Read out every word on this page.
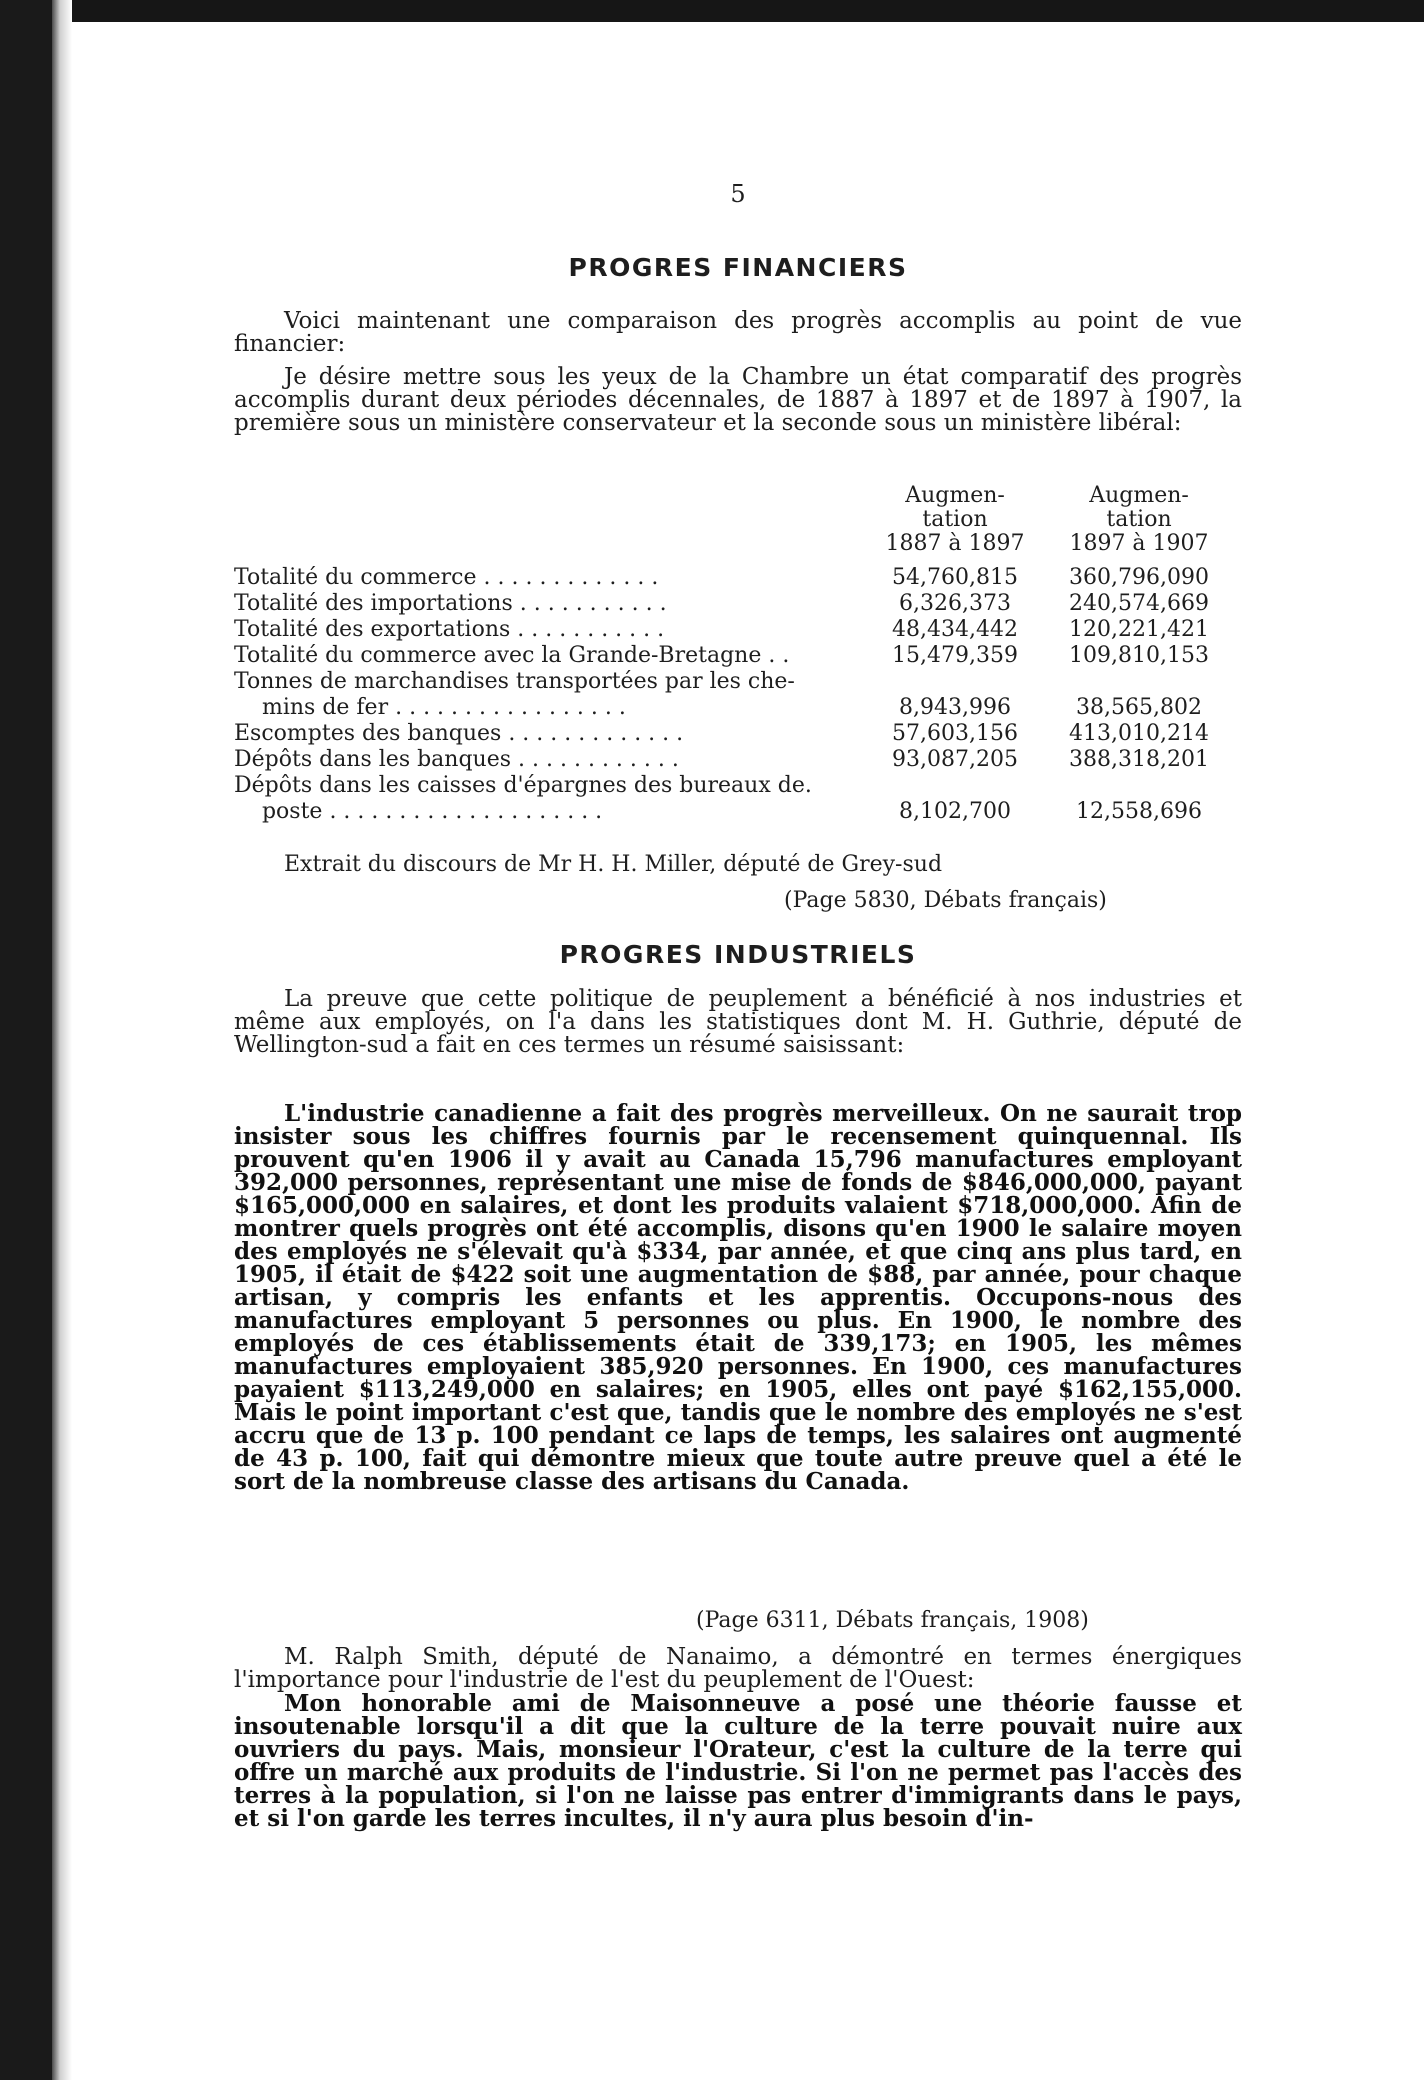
5
PROGRES FINANCIERS

Voici maintenant une comparaison des progrès accomplis au point de vue financier:

Je désire mettre sous les yeux de la Chambre un état comparatif des progrès accomplis durant deux périodes décennales, de 1887 à 1897 et de 1897 à 1907, la première sous un ministère conservateur et la seconde sous un ministère libéral:

Augmen-
tation
1887 à 1897
Augmen-
tation
1897 à 1907
Totalité du commerce . . . . . . . . . . . . .	54,760,815	360,796,090
Totalité des importations . . . . . . . . . . .	6,326,373	240,574,669
Totalité des exportations . . . . . . . . . . .	48,434,442	120,221,421
Totalité du commerce avec la Grande-Bretagne . .	15,479,359	109,810,153
Tonnes de marchandises transportées par les che-
mins de fer . . . . . . . . . . . . . . . . .	8,943,996	38,565,802
Escomptes des banques . . . . . . . . . . . . .	57,603,156	413,010,214
Dépôts dans les banques . . . . . . . . . . . .	93,087,205	388,318,201
Dépôts dans les caisses d'épargnes des bureaux de.
poste . . . . . . . . . . . . . . . . . . . .	8,102,700	12,558,696
Extrait du discours de Mr H. H. Miller, député de Grey-sud
(Page 5830, Débats français)
PROGRES INDUSTRIELS

La preuve que cette politique de peuplement a bénéficié à nos industries et même aux employés, on l'a dans les statistiques dont M. H. Guthrie, député de Wellington-sud a fait en ces termes un résumé saisissant:

L'industrie canadienne a fait des progrès merveilleux. On ne saurait trop insister sous les chiffres fournis par le recensement quinquennal. Ils prouvent qu'en 1906 il y avait au Canada 15,796 manufactures employant 392,000 personnes, représentant une mise de fonds de $846,000,000, payant $165,000,000 en salaires, et dont les produits valaient $718,000,000. Afin de montrer quels progrès ont été accomplis, disons qu'en 1900 le salaire moyen des employés ne s'élevait qu'à $334, par année, et que cinq ans plus tard, en 1905, il était de $422 soit une augmentation de $88, par année, pour chaque artisan, y compris les enfants et les apprentis. Occupons-nous des manufactures employant 5 personnes ou plus. En 1900, le nombre des employés de ces établissements était de 339,173; en 1905, les mêmes manufactures employaient 385,920 personnes. En 1900, ces manufactures payaient $113,249,000 en salaires; en 1905, elles ont payé $162,155,000. Mais le point important c'est que, tandis que le nombre des employés ne s'est accru que de 13 p. 100 pendant ce laps de temps, les salaires ont augmenté de 43 p. 100, fait qui démontre mieux que toute autre preuve quel a été le sort de la nombreuse classe des artisans du Canada.

(Page 6311, Débats français, 1908)

M. Ralph Smith, député de Nanaimo, a démontré en termes énergiques l'importance pour l'industrie de l'est du peuplement de l'Ouest:

Mon honorable ami de Maisonneuve a posé une théorie fausse et insoutenable lorsqu'il a dit que la culture de la terre pouvait nuire aux ouvriers du pays. Mais, monsieur l'Orateur, c'est la culture de la terre qui offre un marché aux produits de l'industrie. Si l'on ne permet pas l'accès des terres à la population, si l'on ne laisse pas entrer d'immigrants dans le pays, et si l'on garde les terres incultes, il n'y aura plus besoin d'in-
